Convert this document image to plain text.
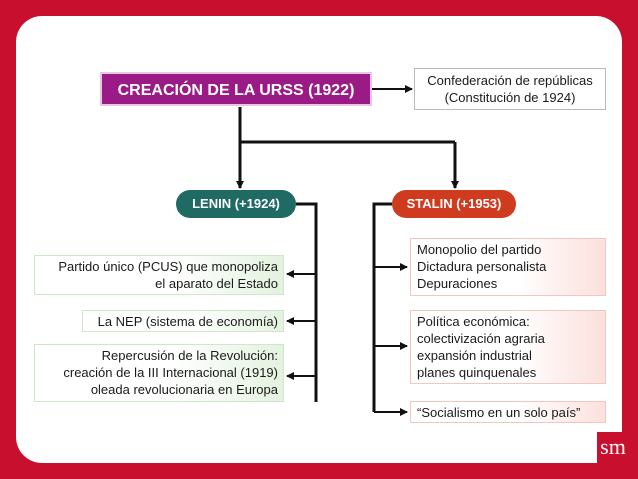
CREACIÓN DE LA URSS (1922)
Confederación de repúblicas
(Constitución de 1924)
LENIN (+1924)	STALIN (+1953)
Partido único (PCUS) que monopoliza
el aparato del Estado
La NEP (sistema de economía)
Repercusión de la Revolución:
creación de la III Internacional (1919)
oleada revolucionaria en Europa
Monopolio del partido
Dictadura personalista
Depuraciones
Política económica:
colectivización agraria
expansión industrial
planes quinquenales
“Socialismo en un solo país”
sm
